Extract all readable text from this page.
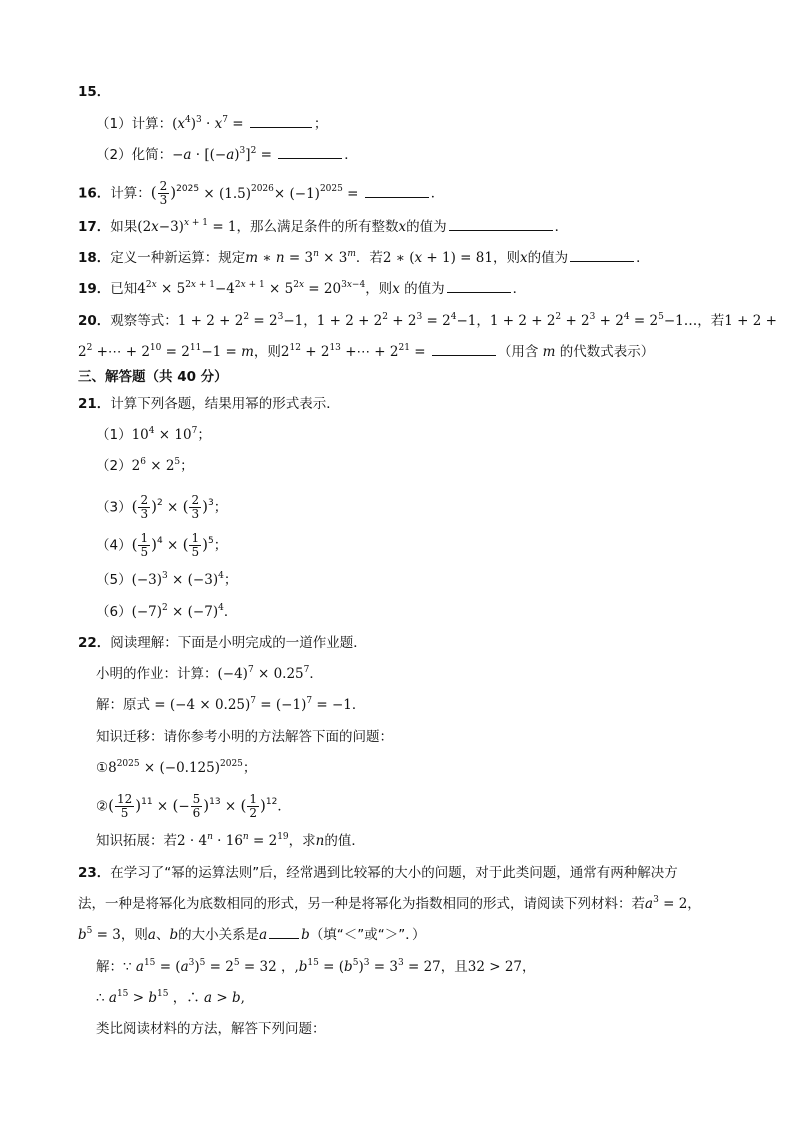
15．
（1）计算：$(x^4)^3 \cdot x^7$ =	；
（2）化简：$-a \cdot [(-a)^3]^2$ =	．
16．计算：( $\frac{2}{3} )^{2025} \times (1.5)^{2026}\times (-1)^{2025}$ =	．
17．如果$(2x-3)^{x + 1} = 1$，那么满足条件的所有整数x的值为	．
18．定义一种新运算：规定m ∗ $n = 3^n \times 3^m$．若2 ∗ (x + 1) = 81，则x的值为	．
19．已知$4^{2x} \times 5^{2x + 1}-4^{2x + 1} \times 5^{2x} = 20^{3x-4}$，则x 的值为	．
20．观察等式：$1 + 2 + 2^2 = 2^3-1$，$1 + 2 + 2^2 + 2^3 = 2^4-1$，$1 + 2 + 2^2 + 2^3 + 2^4$ = $2^5-1\dots$，若1 + 2 +
$2^2$ +⋯ + $2^{10} = 2^{11}-1 = m$，则$2^{12} + 2^{13}$ +⋯ + $2^{21}$ =	（用含 m 的代数式表示）
三、解答题（共 40 分）
21．计算下列各题，结果用幂的形式表示．
$(1)10^4 \times 10^7$；
$(2)2^6 \times 2^5$；
$(3)( \frac{2}{3} )^2$ × ( $\frac{2}{3} )^3$；
$(4)( \frac{1}{5} )^4$ × ( $\frac{1}{5} )^5$；
$(5)(-3)^3 \times (-3)^4$；
$(6)(-7)^2 \times (-7)^4$．
22．阅读理解：下面是小明完成的一道作业题．
小明的作业：计算：$(-4)^7 \times 0.25^7$．
解：原式 = $(-4 \times 0.25)^7 = (-1)^7 = -1$．
知识迁移：请你参考小明的方法解答下面的问题：
$①8^{2025} \times (-0.125)^{2025}$；
②( $\frac{12}{5} )^{11}$ × (− $\frac{5}{6} )^{13}$ × ( $\frac{1}{2} )^{12}$．
知识拓展：若$2 \cdot 4^n \cdot 16^n = 2^{19}$，求n的值．
23．在学习了“幂的运算法则”后，经常遇到比较幂的大小的问题，对于此类问题，通常有两种解决方
法，一种是将幂化为底数相同的形式，另一种是将幂化为指数相同的形式，请阅读下列材料：若$a^3 = 2$，
$b^5 = 3$，则a、b的大小关系是a	b（填“＜”或“＞”．）
解：∵ $a^{15} = (a^3)^5 = 2^5 = 32$ ，$,b^{15} = (b^5)^3 = 3^3 = 27$，且32 > 27，
∴ $a^{15} > b^{15}$ ，∴ a > b,
类比阅读材料的方法，解答下列问题：
